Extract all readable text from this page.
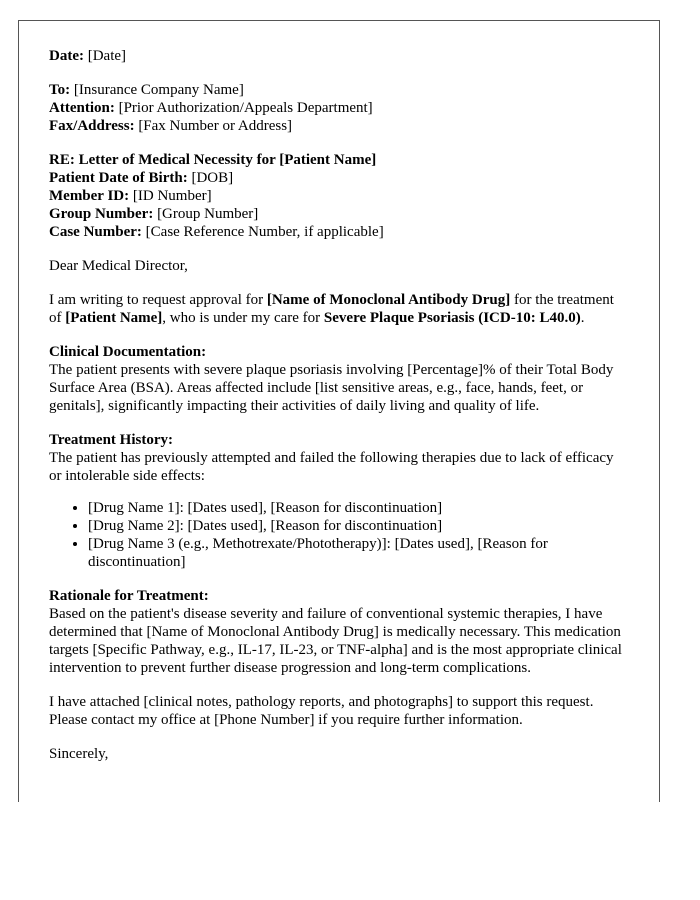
Date: [Date]
To: [Insurance Company Name]
Attention: [Prior Authorization/Appeals Department]
Fax/Address: [Fax Number or Address]
RE: Letter of Medical Necessity for [Patient Name]
Patient Date of Birth: [DOB]
Member ID: [ID Number]
Group Number: [Group Number]
Case Number: [Case Reference Number, if applicable]

Dear Medical Director,

I am writing to request approval for [Name of Monoclonal Antibody Drug] for the treatment of [Patient Name], who is under my care for Severe Plaque Psoriasis (ICD-10: L40.0).

Clinical Documentation:
The patient presents with severe plaque psoriasis involving [Percentage]% of their Total Body Surface Area (BSA). Areas affected include [list sensitive areas, e.g., face, hands, feet, or genitals], significantly impacting their activities of daily living and quality of life.

Treatment History:
The patient has previously attempted and failed the following therapies due to lack of efficacy or intolerable side effects:

• [Drug Name 1]: [Dates used], [Reason for discontinuation]
• [Drug Name 2]: [Dates used], [Reason for discontinuation]
• [Drug Name 3 (e.g., Methotrexate/Phototherapy)]: [Dates used], [Reason for discontinuation]

Rationale for Treatment:
Based on the patient's disease severity and failure of conventional systemic therapies, I have determined that [Name of Monoclonal Antibody Drug] is medically necessary. This medication targets [Specific Pathway, e.g., IL-17, IL-23, or TNF-alpha] and is the most appropriate clinical intervention to prevent further disease progression and long-term complications.

I have attached [clinical notes, pathology reports, and photographs] to support this request. Please contact my office at [Phone Number] if you require further information.

Sincerely,
